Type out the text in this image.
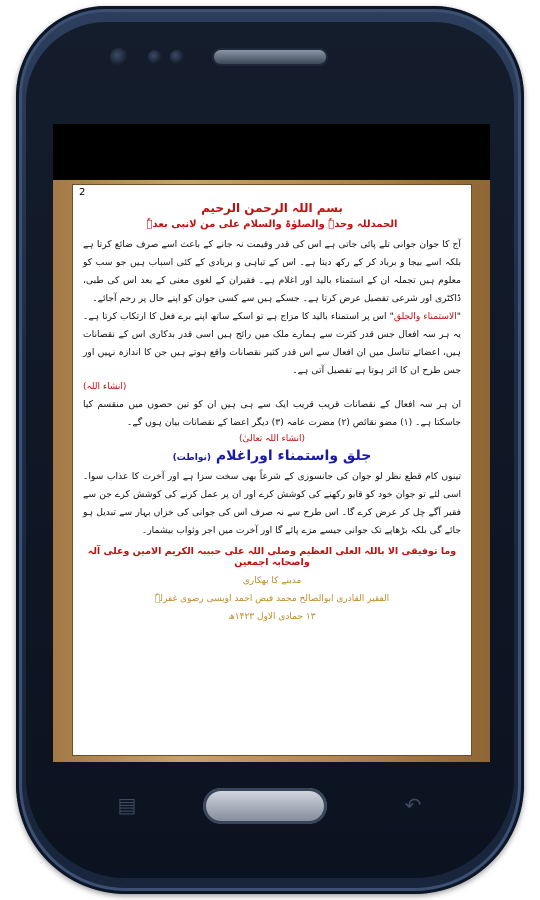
2
بسم اللہ الرحمن الرحیم
الحمدللہ وحدہٗ والصلوٰۃ والسلام علی من لانبی بعدہٗ

آج کا جوان جوانی تلے پائی جاتی ہے اس کی قدر وقیمت نہ جانے کے باعث اسے صرف ضائع کرتا ہے بلکہ اسے بیجا و برباد کر کے رکھ دیتا ہے۔ اس کے تباہی و بربادی کے کئی اسباب ہیں جو سب کو معلوم ہیں تجملہ ان کے استمناء بالید اور اغلام ہے۔ فقیران کے لغوی معنی کے بعد اس کی طبی، ڈاکٹری اور شرعی تفصیل عرض کرتا ہے۔ جسکے ہیں سے کسی جوان کو اپنے حال پر رحم آجائے۔

"الاستمناء والجلق" اس پر استمناء بالید کا مزاج ہے تو اسکے ساتھ اپنے برے فعل کا ارتکاب کرتا ہے۔ یہ ہر سہ افعال جس قدر کثرت سے ہمارے ملک میں رائج ہیں اسی قدر بدکاری اس کے نقصانات ہیں، اعضائے تناسل میں ان افعال سے اس قدر کثیر نقصانات واقع ہوتے ہیں جن کا اندازہ نہیں اور جس طرح ان کا اثر ہوتا ہے تفصیل آتی ہے۔

(انشاء اللہ)

ان ہر سہ افعال کے نقصانات قریب قریب ایک سے ہی ہیں ان کو تین حصوں میں منقسم کیا جاسکتا ہے۔ (۱) مضو نقائص (۲) مضرت عامہ (۳) دیگر اعضا کے نقصانات بیان ہوں گے۔

(انشاء اللہ تعالیٰ)
جلق واستمناء اوراغلام (نواطت)

تینوں کام قطع نظر لو جوان کی جانسوزی کے شرعاً بھی سخت سزا ہے اور آخرت کا عذاب سوا۔ اسی لئے تو جوان خود کو قابو رکھنے کی کوشش کرے اور ان پر عمل کرنے کی کوشش کرے جن سے فقیر آگے چل کر عرض کرے گا۔ اس طرح سے نہ صرف اس کی جوانی کی خزاں بہار سے تبدیل ہو جائے گی بلکہ بڑھاپے تک جوانی جیسے مزے پائے گا اور آخرت میں اجر وثواب بیشمار۔

وما توفیقی الا باللہ العلی العظیم وصلی اللہ علی حبیبہ الکریم الامین وعلی آلہ واصحابہ اجمعین

مدینے کا بھکاری

الفقیر القادری ابوالصالح محمد فیض احمد اویسی رضوی غفرلہٗ

۱۳ جمادی الاول ۱۴۲۳ھ

▤	↶
